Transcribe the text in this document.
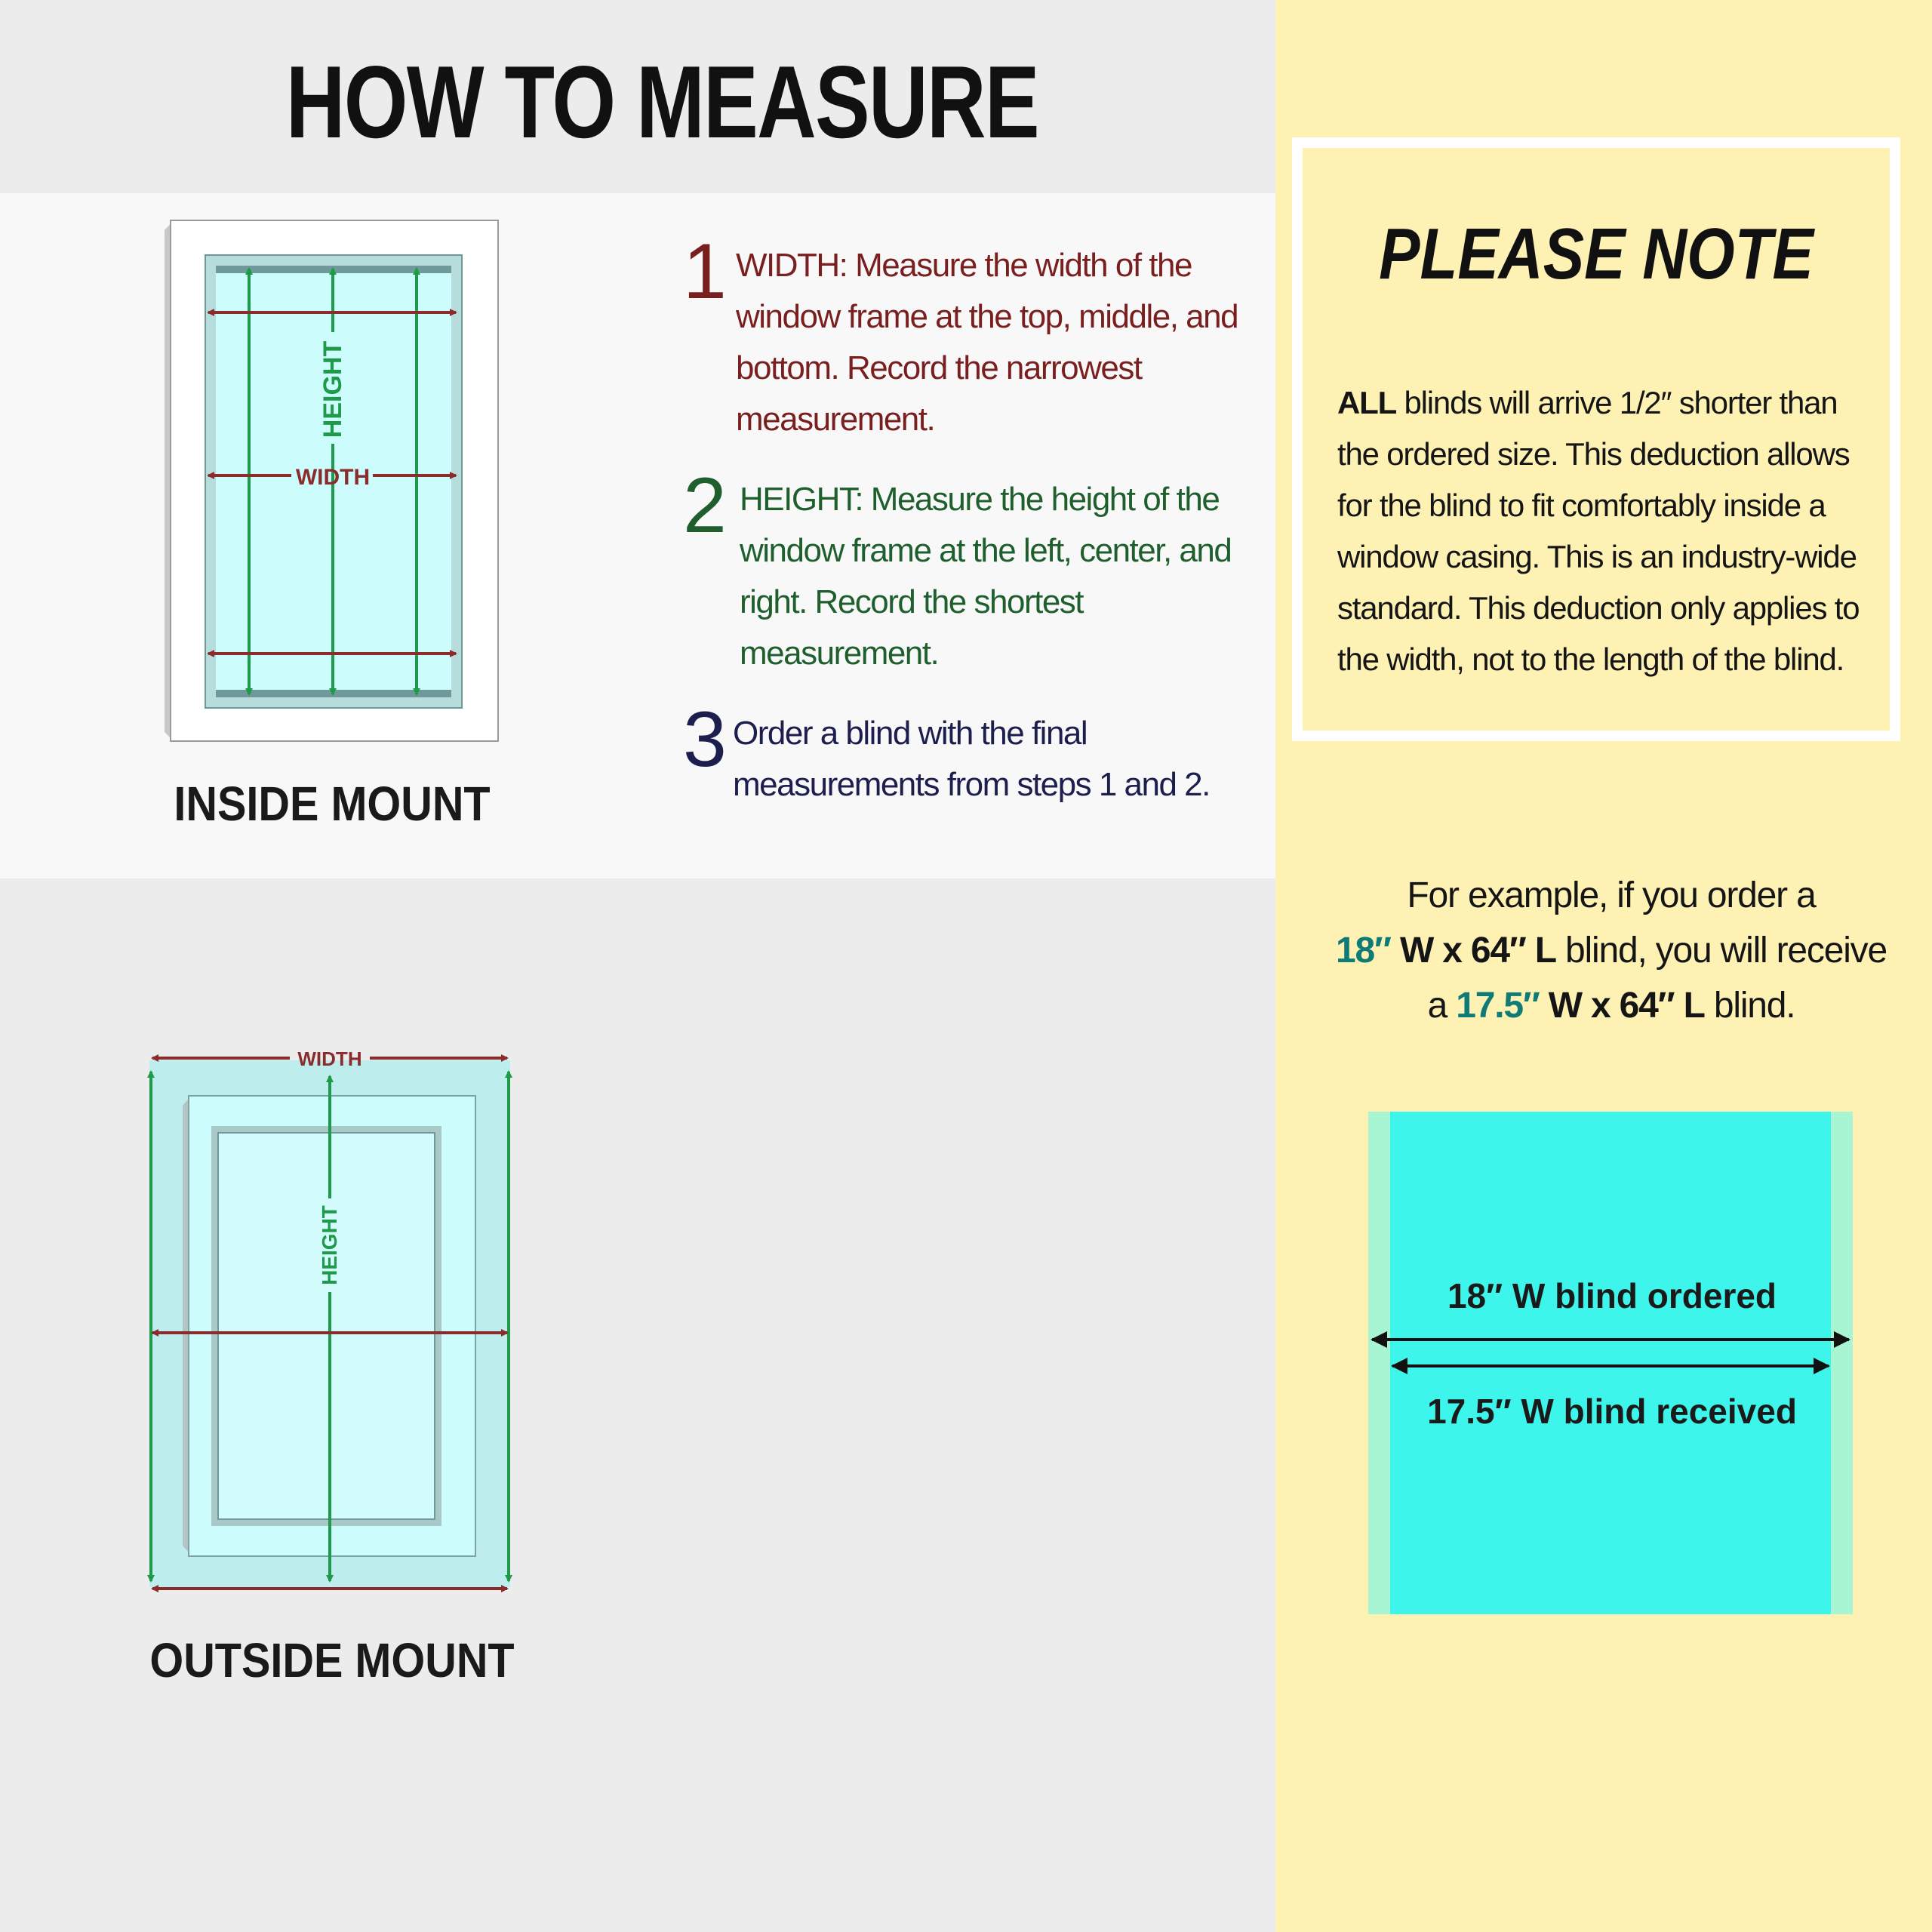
HOW TO MEASURE
HEIGHT
WIDTH
WIDTH
HEIGHT
18″ W blind ordered
17.5″ W blind received
INSIDE MOUNT
OUTSIDE MOUNT
1 WIDTH: Measure the width of the window frame at the top, middle, and bottom. Record the narrowest measurement.
2 HEIGHT: Measure the height of the window frame at the left, center, and right. Record the shortest measurement.
3 Order a blind with the final measurements from steps 1 and 2.
PLEASE NOTE
ALL blinds will arrive 1/2″ shorter than the ordered size. This deduction allows for the blind to fit comfortably inside a window casing. This is an industry-wide standard. This deduction only applies to the width, not to the length of the blind.
For example, if you order a
18″ W x 64″ L blind, you will receive
a 17.5″ W x 64″ L blind.
